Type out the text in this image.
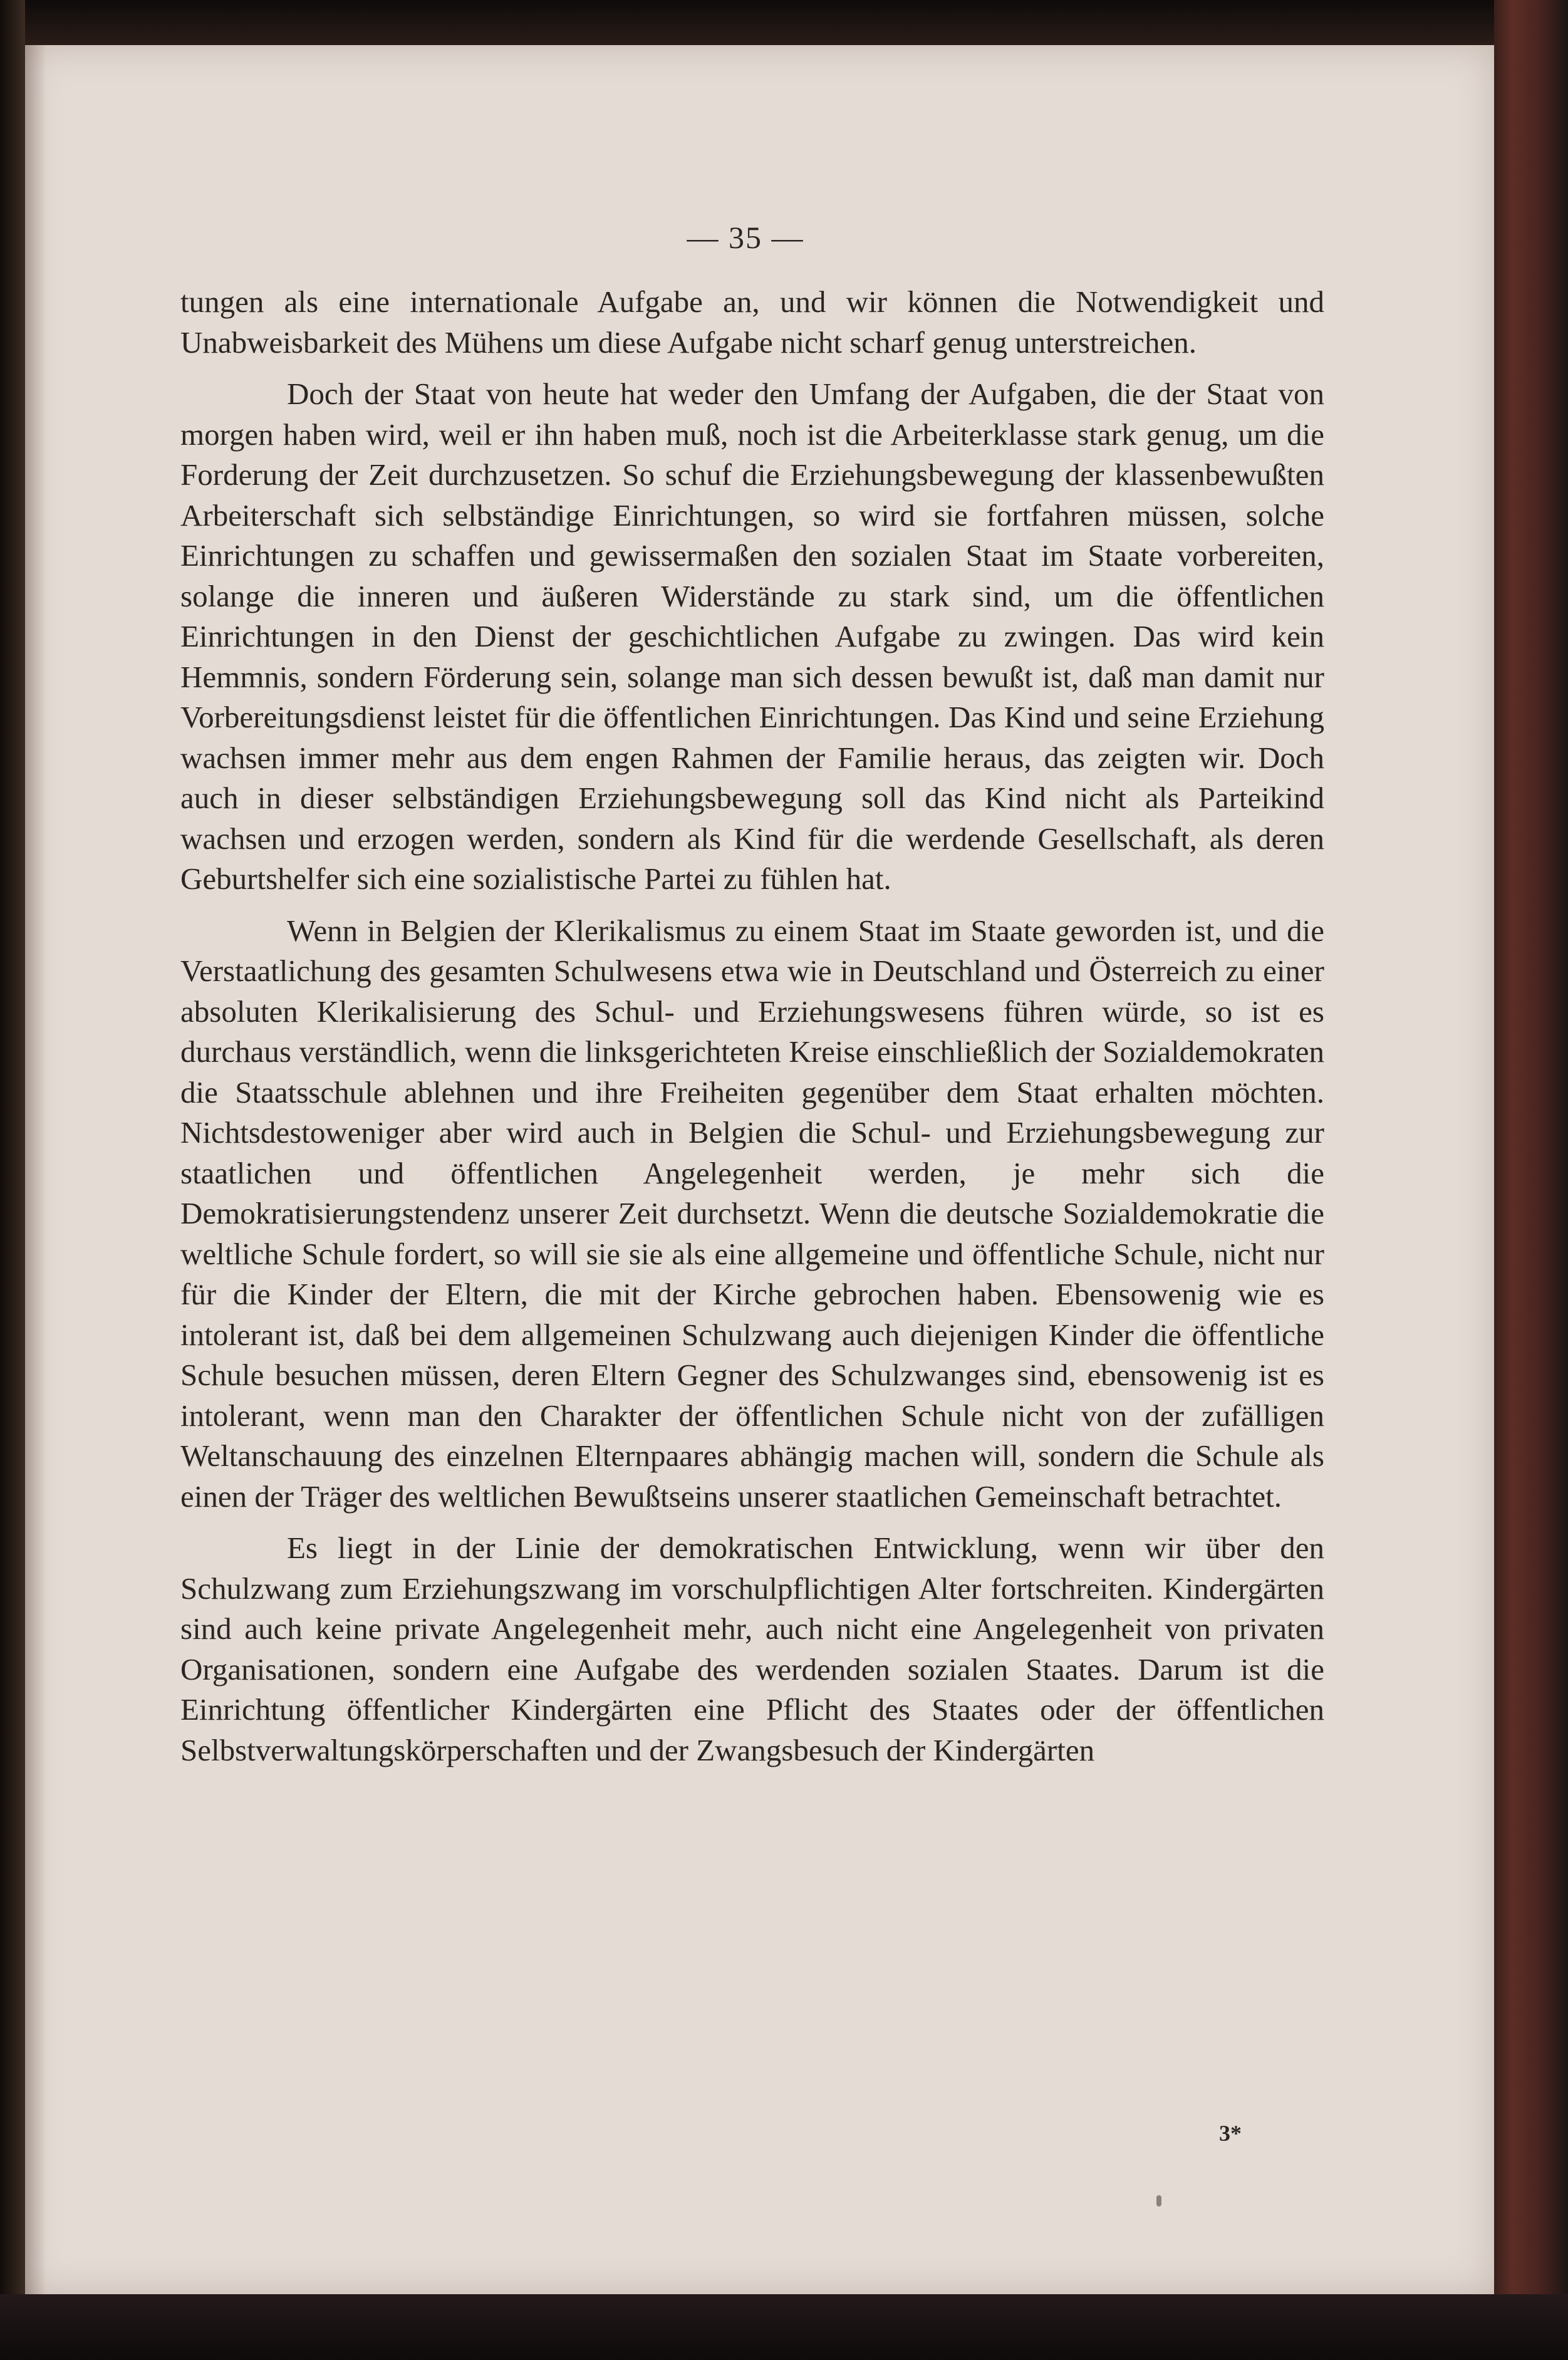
— 35 —

tungen als eine internationale Aufgabe an, und wir können die Notwendigkeit und Unabweisbarkeit des Mühens um diese Aufgabe nicht scharf genug unterstreichen.

Doch der Staat von heute hat weder den Umfang der Aufgaben, die der Staat von morgen haben wird, weil er ihn haben muß, noch ist die Arbeiterklasse stark genug, um die Forderung der Zeit durchzusetzen. So schuf die Erziehungsbewegung der klassenbewußten Arbeiterschaft sich selbständige Einrichtungen, so wird sie fortfahren müssen, solche Einrichtungen zu schaffen und gewissermaßen den sozialen Staat im Staate vorbereiten, solange die inneren und äußeren Widerstände zu stark sind, um die öffentlichen Einrichtungen in den Dienst der geschichtlichen Aufgabe zu zwingen. Das wird kein Hemmnis, sondern Förderung sein, solange man sich dessen bewußt ist, daß man damit nur Vorbereitungsdienst leistet für die öffentlichen Einrichtungen. Das Kind und seine Erziehung wachsen immer mehr aus dem engen Rahmen der Familie heraus, das zeigten wir. Doch auch in dieser selbständigen Erziehungsbewegung soll das Kind nicht als Parteikind wachsen und erzogen werden, sondern als Kind für die werdende Gesellschaft, als deren Geburtshelfer sich eine sozialistische Partei zu fühlen hat.

Wenn in Belgien der Klerikalismus zu einem Staat im Staate geworden ist, und die Verstaatlichung des gesamten Schulwesens etwa wie in Deutschland und Österreich zu einer absoluten Klerikalisierung des Schul- und Erziehungswesens führen würde, so ist es durchaus verständlich, wenn die linksgerichteten Kreise einschließlich der Sozialdemokraten die Staatsschule ablehnen und ihre Freiheiten gegenüber dem Staat erhalten möchten. Nichtsdestoweniger aber wird auch in Belgien die Schul- und Erziehungsbewegung zur staatlichen und öffentlichen Angelegenheit werden, je mehr sich die Demokratisierungstendenz unserer Zeit durchsetzt. Wenn die deutsche Sozialdemokratie die weltliche Schule fordert, so will sie sie als eine allgemeine und öffentliche Schule, nicht nur für die Kinder der Eltern, die mit der Kirche gebrochen haben. Ebensowenig wie es intolerant ist, daß bei dem allgemeinen Schulzwang auch diejenigen Kinder die öffentliche Schule besuchen müssen, deren Eltern Gegner des Schulzwanges sind, ebensowenig ist es intolerant, wenn man den Charakter der öffentlichen Schule nicht von der zufälligen Weltanschauung des einzelnen Elternpaares abhängig machen will, sondern die Schule als einen der Träger des weltlichen Bewußtseins unserer staatlichen Gemeinschaft betrachtet.

Es liegt in der Linie der demokratischen Entwicklung, wenn wir über den Schulzwang zum Erziehungszwang im vorschulpflichtigen Alter fortschreiten. Kindergärten sind auch keine private Angelegenheit mehr, auch nicht eine Angelegenheit von privaten Organisationen, sondern eine Aufgabe des werdenden sozialen Staates. Darum ist die Einrichtung öffentlicher Kindergärten eine Pflicht des Staates oder der öffentlichen Selbstverwaltungskörperschaften und der Zwangsbesuch der Kindergärten

3*
